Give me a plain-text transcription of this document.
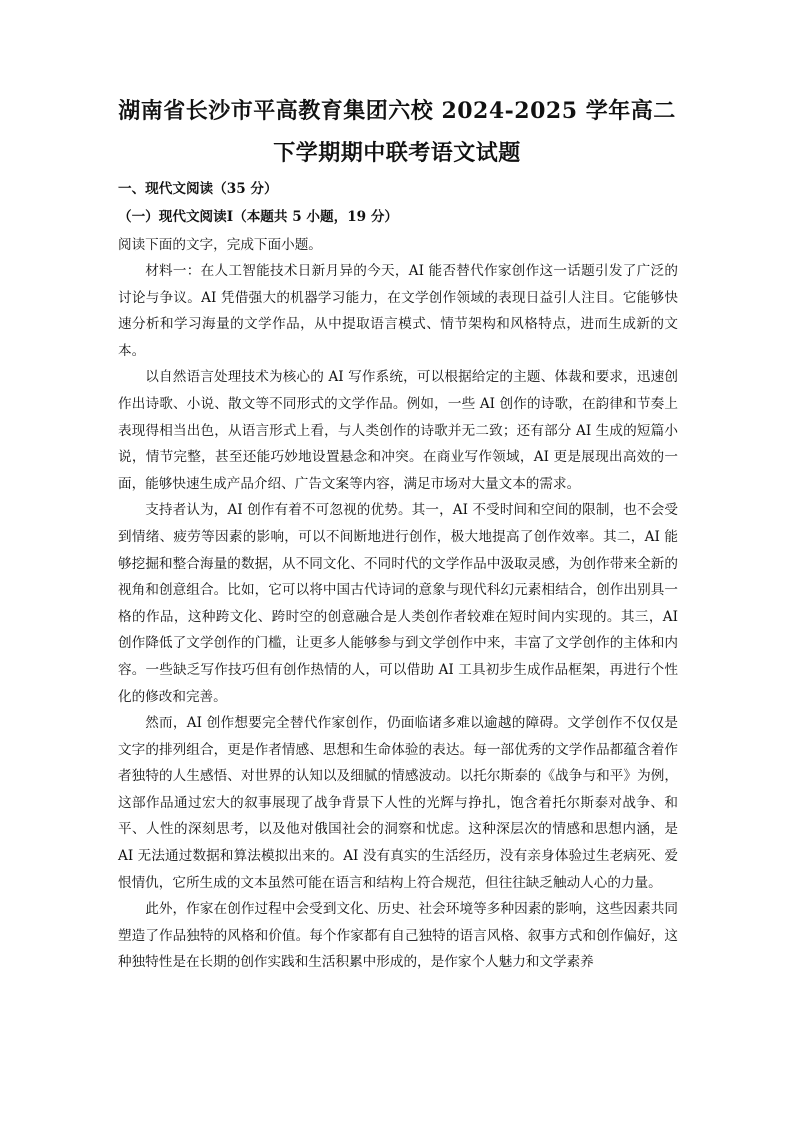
湖南省长沙市平高教育集团六校 2024-2025 学年高二
下学期期中联考语文试题
一、现代文阅读（35 分）
（一）现代文阅读Ⅰ（本题共 5 小题，19 分）
阅读下面的文字，完成下面小题。

材料一：在人工智能技术日新月异的今天，AI 能否替代作家创作这一话题引发了广泛的讨论与争议。AI 凭借强大的机器学习能力，在文学创作领域的表现日益引人注目。它能够快速分析和学习海量的文学作品，从中提取语言模式、情节架构和风格特点，进而生成新的文本。

以自然语言处理技术为核心的 AI 写作系统，可以根据给定的主题、体裁和要求，迅速创作出诗歌、小说、散文等不同形式的文学作品。例如，一些 AI 创作的诗歌，在韵律和节奏上表现得相当出色，从语言形式上看，与人类创作的诗歌并无二致；还有部分 AI 生成的短篇小说，情节完整，甚至还能巧妙地设置悬念和冲突。在商业写作领域，AI 更是展现出高效的一面，能够快速生成产品介绍、广告文案等内容，满足市场对大量文本的需求。

支持者认为，AI 创作有着不可忽视的优势。其一，AI 不受时间和空间的限制，也不会受到情绪、疲劳等因素的影响，可以不间断地进行创作，极大地提高了创作效率。其二，AI 能够挖掘和整合海量的数据，从不同文化、不同时代的文学作品中汲取灵感，为创作带来全新的视角和创意组合。比如，它可以将中国古代诗词的意象与现代科幻元素相结合，创作出别具一格的作品，这种跨文化、跨时空的创意融合是人类创作者较难在短时间内实现的。其三，AI 创作降低了文学创作的门槛，让更多人能够参与到文学创作中来，丰富了文学创作的主体和内容。一些缺乏写作技巧但有创作热情的人，可以借助 AI 工具初步生成作品框架，再进行个性化的修改和完善。

然而，AI 创作想要完全替代作家创作，仍面临诸多难以逾越的障碍。文学创作不仅仅是文字的排列组合，更是作者情感、思想和生命体验的表达。每一部优秀的文学作品都蕴含着作者独特的人生感悟、对世界的认知以及细腻的情感波动。以托尔斯泰的《战争与和平》为例，这部作品通过宏大的叙事展现了战争背景下人性的光辉与挣扎，饱含着托尔斯泰对战争、和平、人性的深刻思考，以及他对俄国社会的洞察和忧虑。这种深层次的情感和思想内涵，是 AI 无法通过数据和算法模拟出来的。AI 没有真实的生活经历，没有亲身体验过生老病死、爱恨情仇，它所生成的文本虽然可能在语言和结构上符合规范，但往往缺乏触动人心的力量。

此外，作家在创作过程中会受到文化、历史、社会环境等多种因素的影响，这些因素共同塑造了作品独特的风格和价值。每个作家都有自己独特的语言风格、叙事方式和创作偏好，这种独特性是在长期的创作实践和生活积累中形成的，是作家个人魅力和文学素养
